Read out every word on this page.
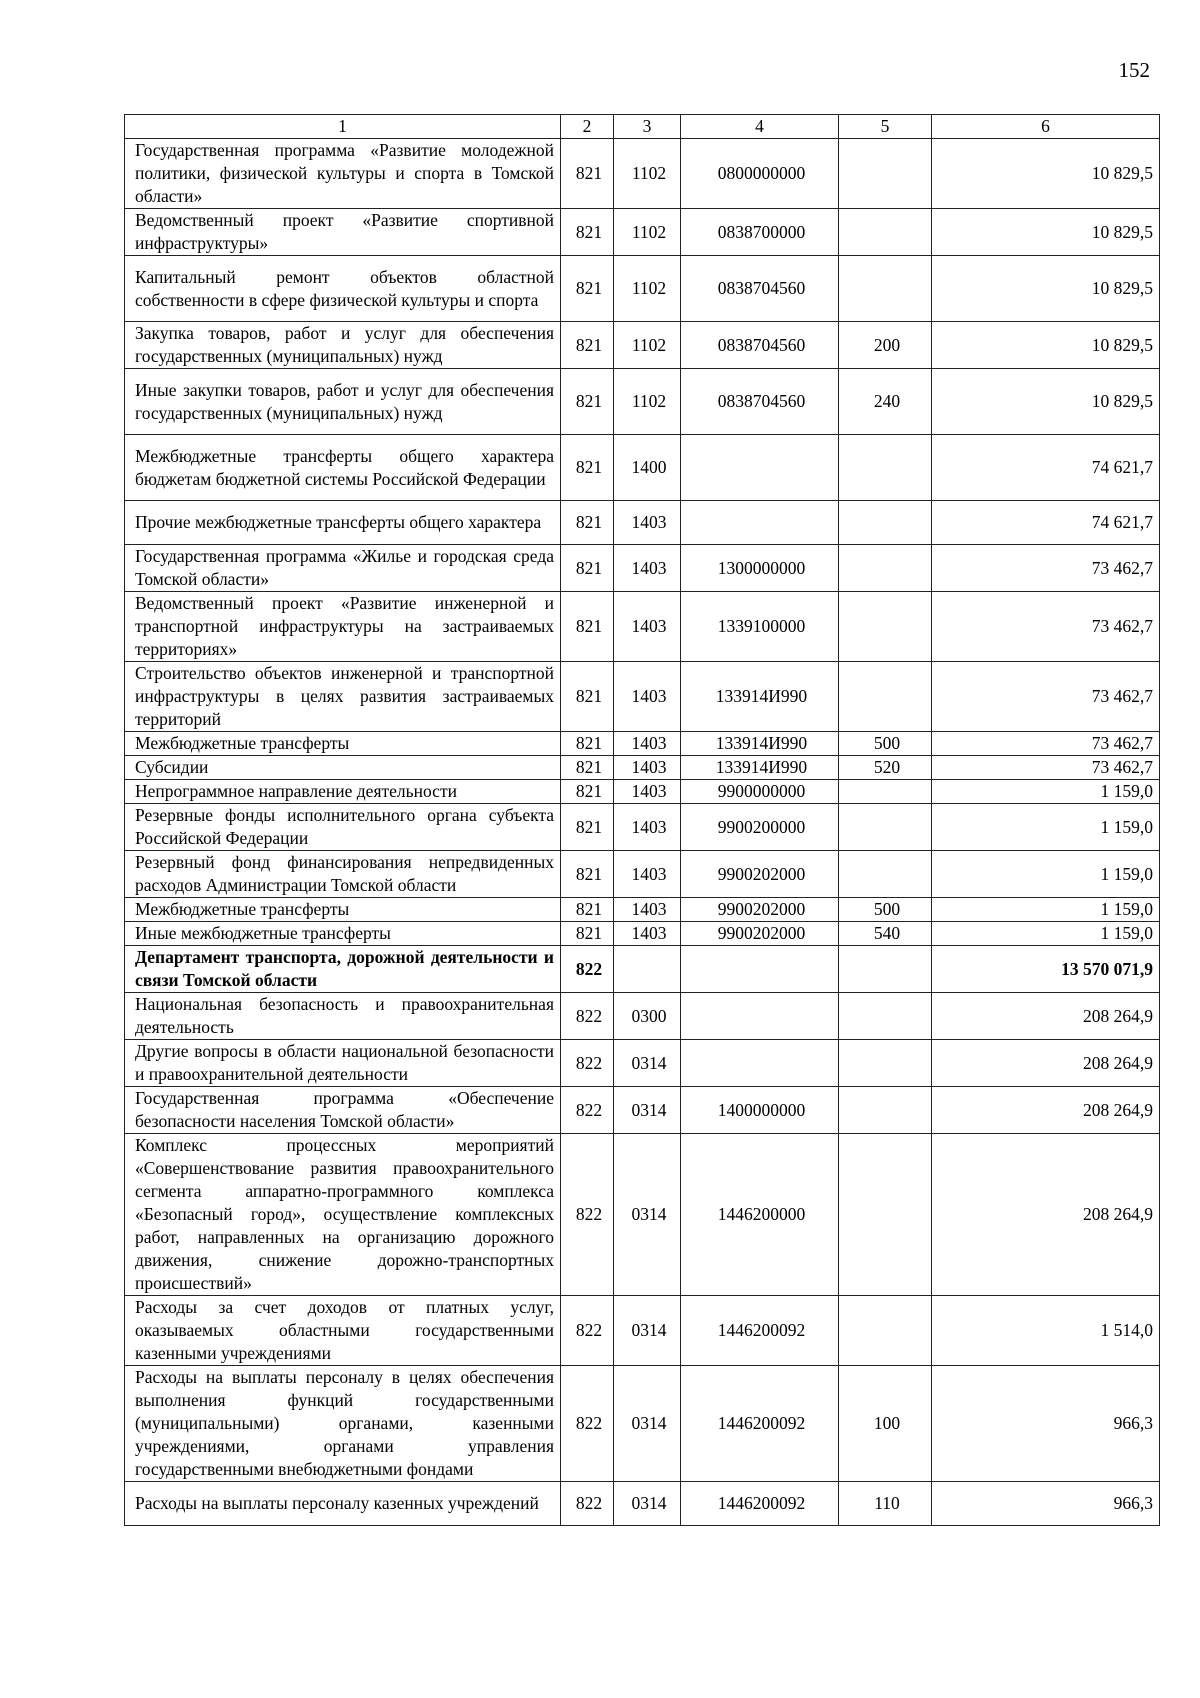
152
1	2	3	4	5	6
Государственная программа «Развитие молодежной политики, физической культуры и спорта в Томской области»	821	1102	0800000000		10 829,5
Ведомственный проект «Развитие спортивной инфраструктуры»	821	1102	0838700000		10 829,5
Капитальный ремонт объектов областной собственности в сфере физической культуры и спорта	821	1102	0838704560		10 829,5
Закупка товаров, работ и услуг для обеспечения государственных (муниципальных) нужд	821	1102	0838704560	200	10 829,5
Иные закупки товаров, работ и услуг для обеспечения государственных (муниципальных) нужд	821	1102	0838704560	240	10 829,5
Межбюджетные трансферты общего характера бюджетам бюджетной системы Российской Федерации	821	1400			74 621,7
Прочие межбюджетные трансферты общего характера	821	1403			74 621,7
Государственная программа «Жилье и городская среда Томской области»	821	1403	1300000000		73 462,7
Ведомственный проект «Развитие инженерной и транспортной инфраструктуры на застраиваемых территориях»	821	1403	1339100000		73 462,7
Строительство объектов инженерной и транспортной инфраструктуры в целях развития застраиваемых территорий	821	1403	133914И990		73 462,7
Межбюджетные трансферты	821	1403	133914И990	500	73 462,7
Субсидии	821	1403	133914И990	520	73 462,7
Непрограммное направление деятельности	821	1403	9900000000		1 159,0
Резервные фонды исполнительного органа субъекта Российской Федерации	821	1403	9900200000		1 159,0
Резервный фонд финансирования непредвиденных расходов Администрации Томской области	821	1403	9900202000		1 159,0
Межбюджетные трансферты	821	1403	9900202000	500	1 159,0
Иные межбюджетные трансферты	821	1403	9900202000	540	1 159,0
Департамент транспорта, дорожной деятельности и связи Томской области	822				13 570 071,9
Национальная безопасность и правоохранительная деятельность	822	0300			208 264,9
Другие вопросы в области национальной безопасности и правоохранительной деятельности	822	0314			208 264,9
Государственная программа «Обеспечение безопасности населения Томской области»	822	0314	1400000000		208 264,9
Комплекс процессных мероприятий «Совершенствование развития правоохранительного сегмента аппаратно-программного комплекса «Безопасный город», осуществление комплексных работ, направленных на организацию дорожного движения, снижение дорожно-транспортных происшествий»	822	0314	1446200000		208 264,9
Расходы за счет доходов от платных услуг, оказываемых областными государственными казенными учреждениями	822	0314	1446200092		1 514,0
Расходы на выплаты персоналу в целях обеспечения выполнения функций государственными (муниципальными) органами, казенными учреждениями, органами управления государственными внебюджетными фондами	822	0314	1446200092	100	966,3
Расходы на выплаты персоналу казенных учреждений	822	0314	1446200092	110	966,3
